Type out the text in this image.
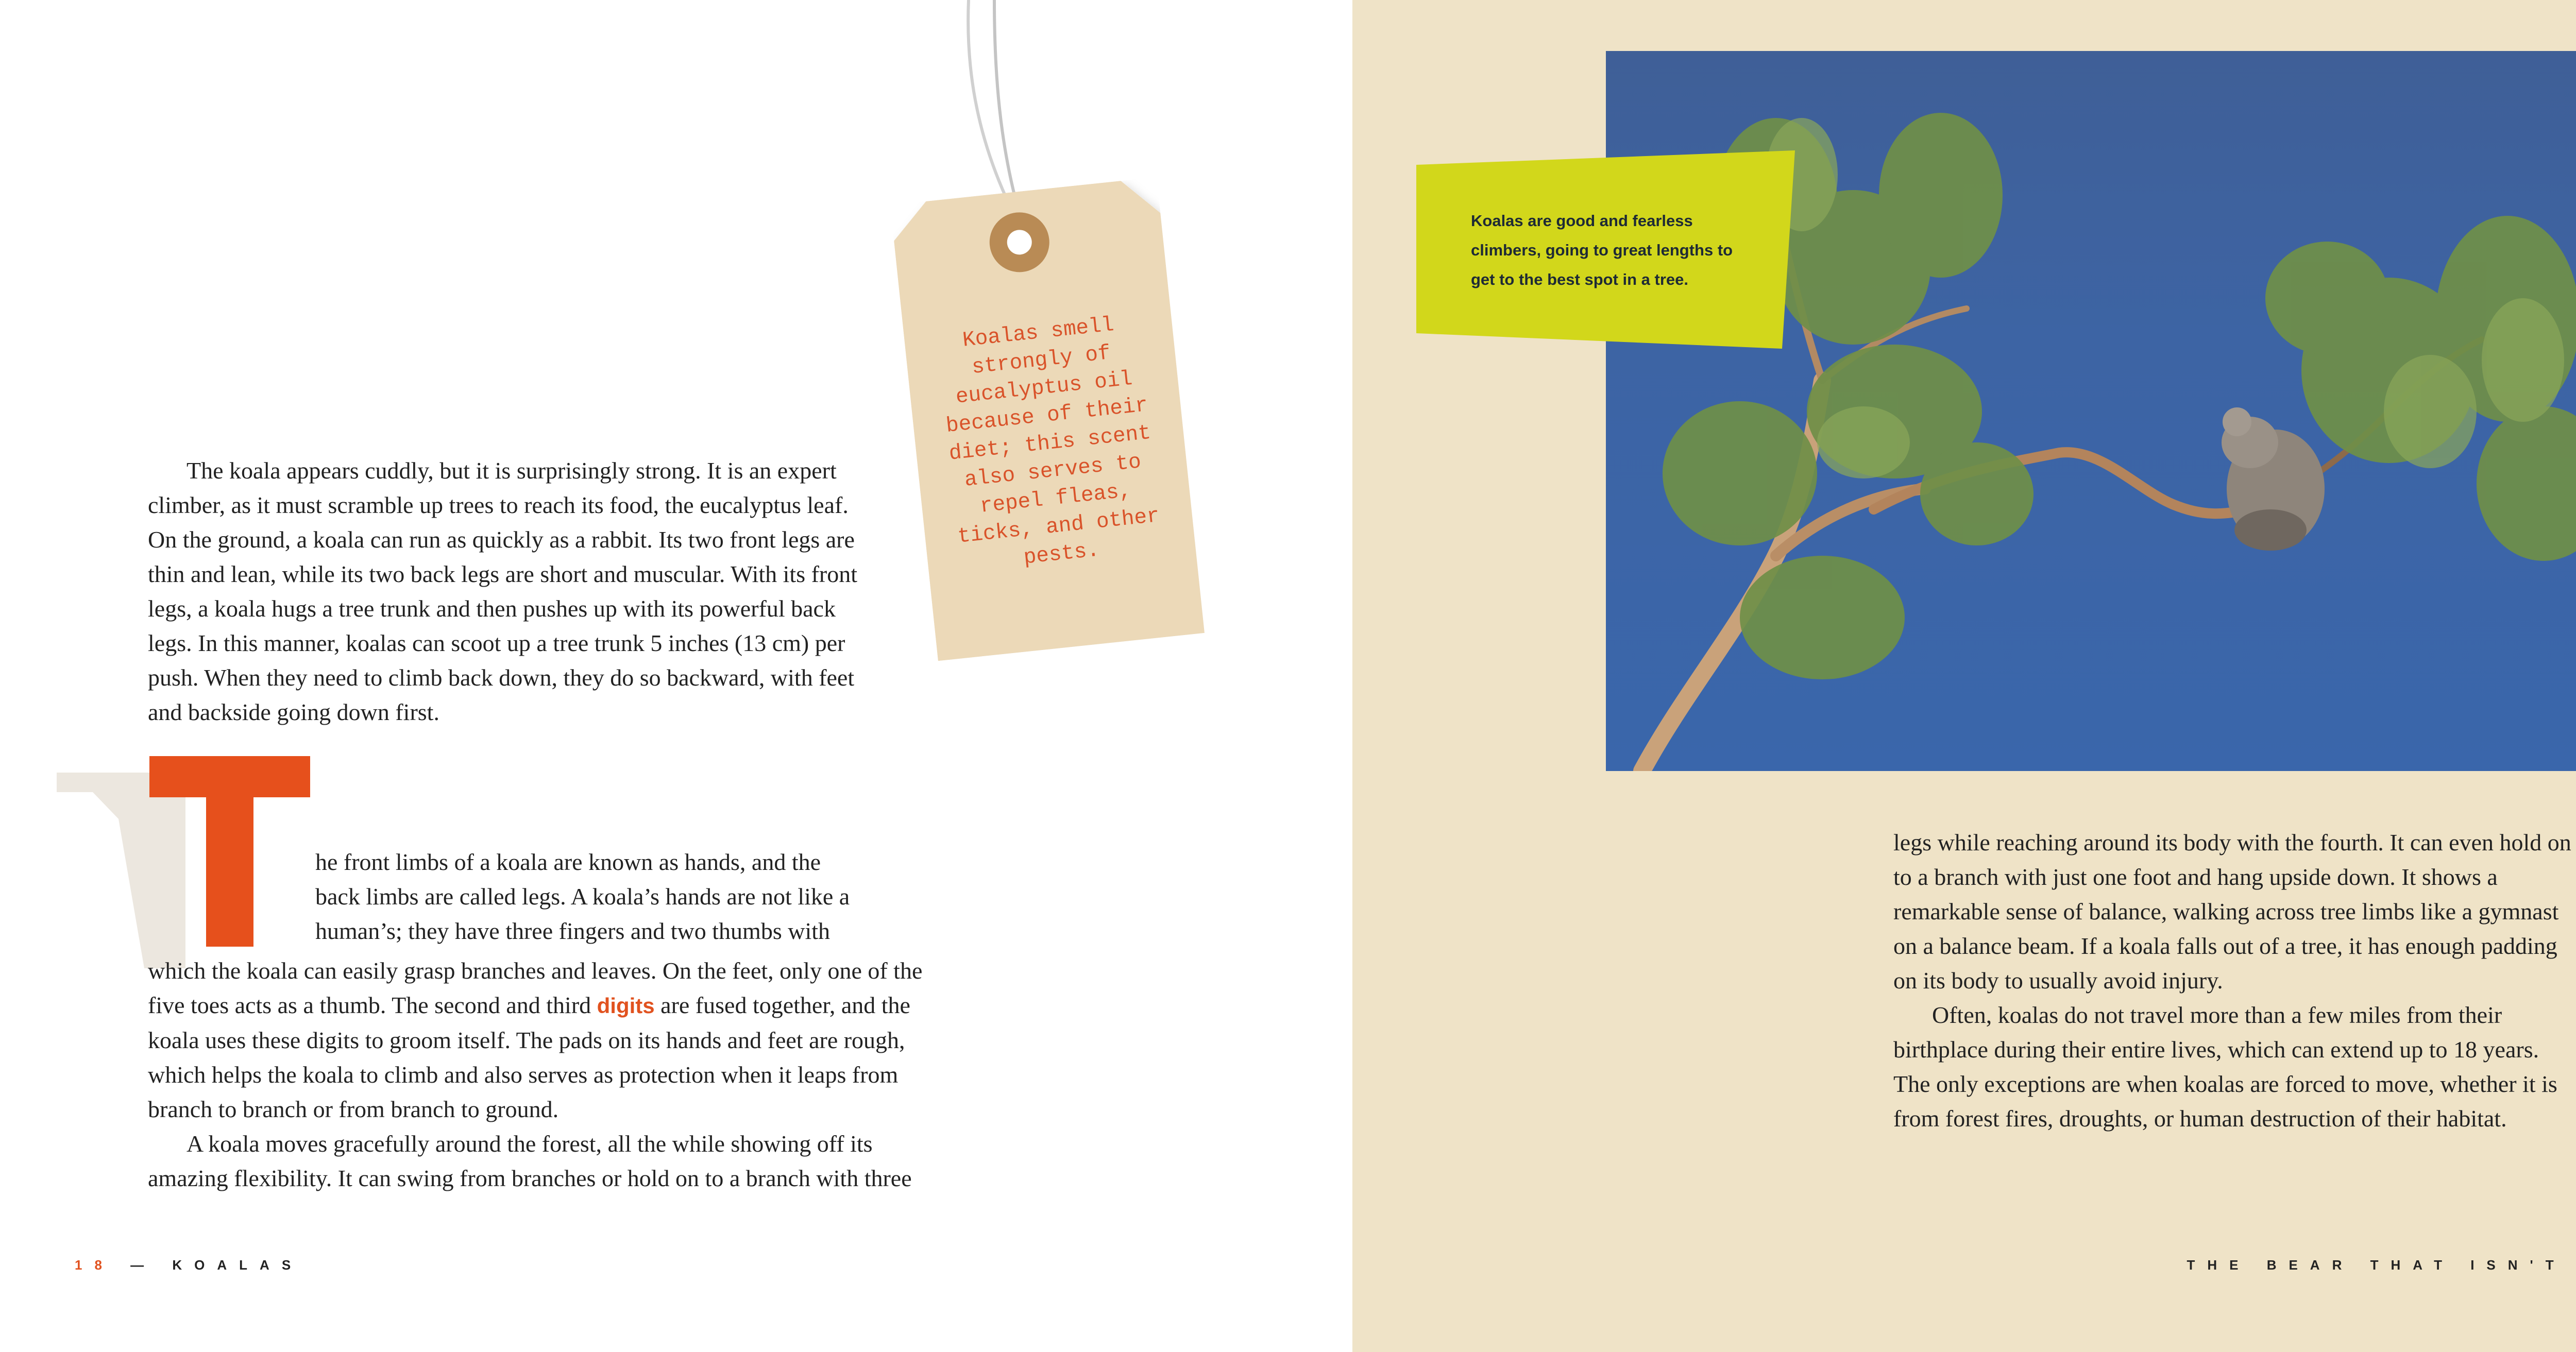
The koala appears cuddly, but it is surprisingly strong. It is an expert climber, as it must scramble up trees to reach its food, the eucalyptus leaf. On the ground, a koala can run as quickly as a rabbit. Its two front legs are thin and lean, while its two back legs are short and muscular. With its front legs, a koala hugs a tree trunk and then pushes up with its powerful back legs. In this manner, koalas can scoot up a tree trunk 5 inches (13 cm) per push. When they need to climb back down, they do so backward, with feet and backside going down first.

he front limbs of a koala are known as hands, and the

back limbs are called legs. A koala’s hands are not like a

human’s; they have three fingers and two thumbs with

which the koala can easily grasp branches and leaves. On the feet, only one of the five toes acts as a thumb. The second and third digits are fused together, and the koala uses these digits to groom itself. The pads on its hands and feet are rough, which helps the koala to climb and also serves as protection when it leaps from branch to branch or from branch to ground.

A koala moves gracefully around the forest, all the while showing off its amazing flexibility. It can swing from branches or hold on to a branch with three

18 — KOALAS
Koalas smell strongly of eucalyptus oil because of their diet; this scent also serves to repel fleas, ticks, and other pests.
Koalas are good and fearless climbers, going to great lengths to get to the best spot in a tree.

legs while reaching around its body with the fourth. It can even hold on to a branch with just one foot and hang upside down. It shows a remarkable sense of balance, walking across tree limbs like a gymnast on a balance beam. If a koala falls out of a tree, it has enough padding on its body to usually avoid injury.

Often, koalas do not travel more than a few miles from their birthplace during their entire lives, which can extend up to 18 years. The only exceptions are when koalas are forced to move, whether it is from forest fires, droughts, or human destruction of their habitat.

THE BEAR THAT ISN'T
